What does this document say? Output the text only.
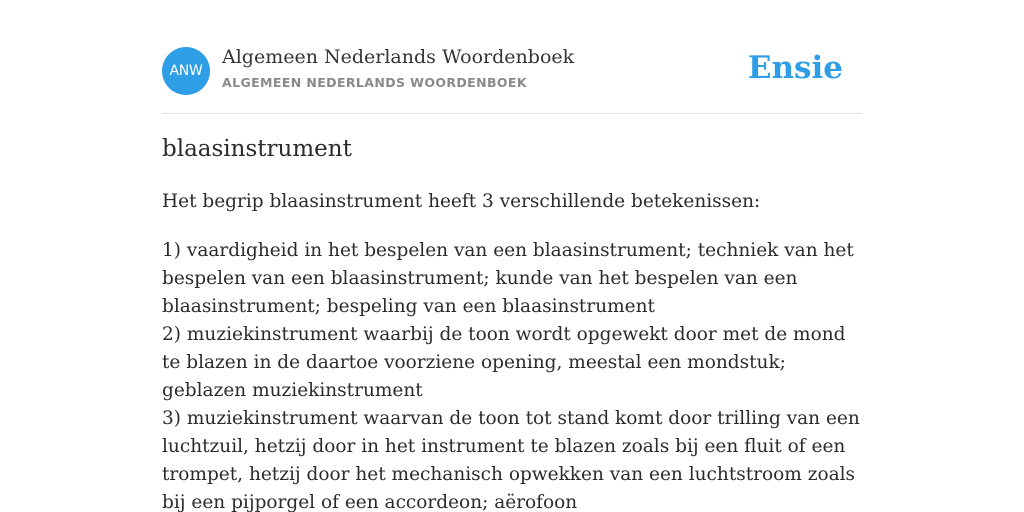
ANW
Algemeen Nederlands Woordenboek
ALGEMEEN NEDERLANDS WOORDENBOEK	Ensie
blaasinstrument

Het begrip blaasinstrument heeft 3 verschillende betekenissen:

1) vaardigheid in het bespelen van een blaasinstrument; techniek van het bespelen van een blaasinstrument; kunde van het bespelen van een blaasinstrument; bespeling van een blaasinstrument
2) muziekinstrument waarbij de toon wordt opgewekt door met de mond te blazen in de daartoe voorziene opening, meestal een mondstuk; geblazen muziekinstrument
3) muziekinstrument waarvan de toon tot stand komt door trilling van een luchtzuil, hetzij door in het instrument te blazen zoals bij een fluit of een trompet, hetzij door het mechanisch opwekken van een luchtstroom zoals bij een pijporgel of een accordeon; aërofoon
